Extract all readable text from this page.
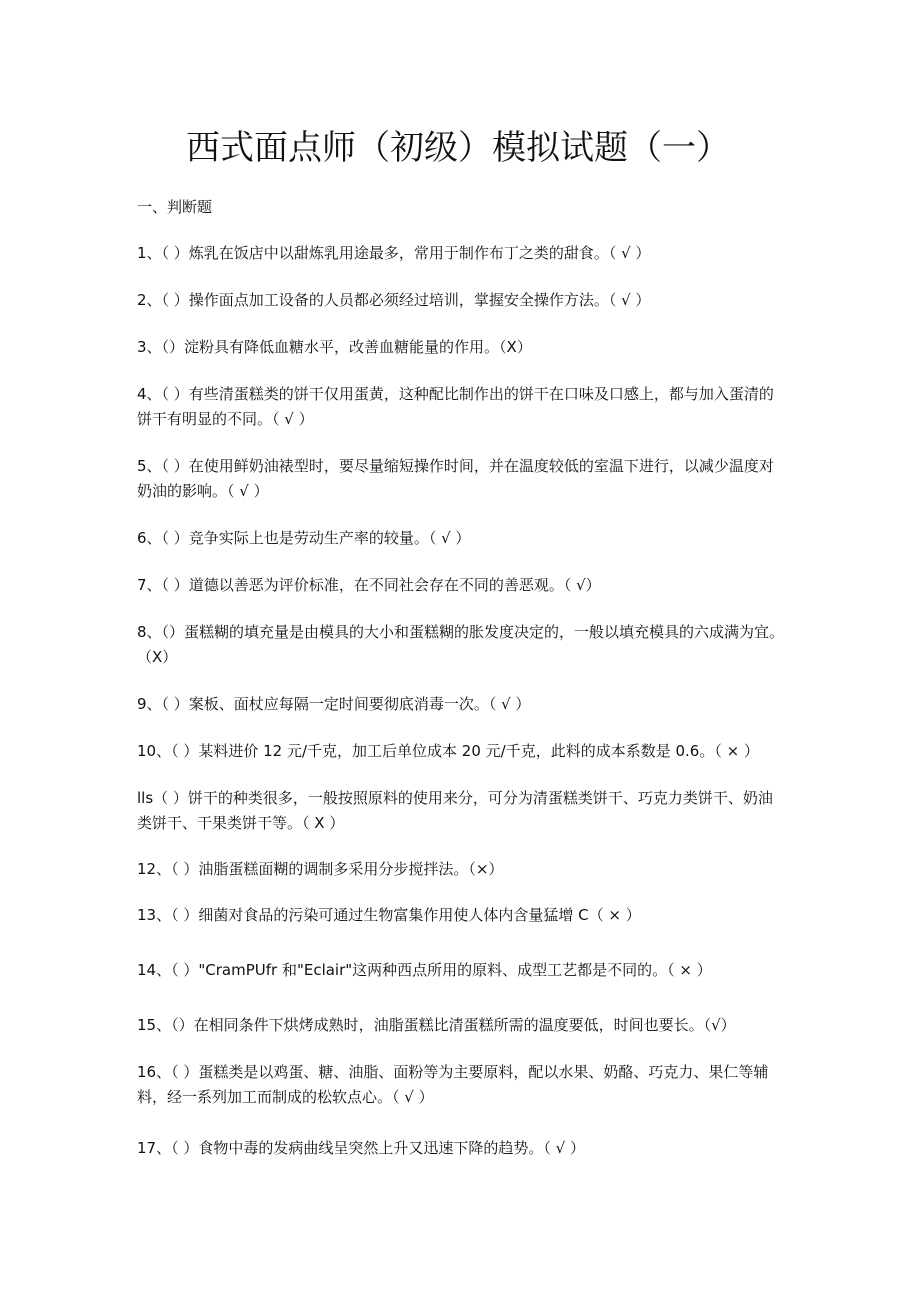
西式面点师（初级）模拟试题（一）

一、判断题

1、（ ）炼乳在饭店中以甜炼乳用途最多，常用于制作布丁之类的甜食。（ √ ）

2、（ ）操作面点加工设备的人员都必须经过培训，掌握安全操作方法。（ √ ）

3、（）淀粉具有降低血糖水平，改善血糖能量的作用。（X）

4、（ ）有些清蛋糕类的饼干仅用蛋黄，这种配比制作出的饼干在口味及口感上，都与加入蛋清的饼干有明显的不同。（ √ ）

5、（ ）在使用鲜奶油裱型时，要尽量缩短操作时间，并在温度较低的室温下进行，以减少温度对奶油的影响。（ √ ）

6、（ ）竞争实际上也是劳动生产率的较量。（ √ ）

7、（ ）道德以善恶为评价标准，在不同社会存在不同的善恶观。（ √）

8、（）蛋糕糊的填充量是由模具的大小和蛋糕糊的胀发度决定的，一般以填充模具的六成满为宜。（X）

9、（ ）案板、面杖应每隔一定时间要彻底消毒一次。（ √ ）

10、（ ）某料进价 12 元/千克，加工后单位成本 20 元/千克，此料的成本系数是 0.6。（ × ）

lls（ ）饼干的种类很多，一般按照原料的使用来分，可分为清蛋糕类饼干、巧克力类饼干、奶油类饼干、干果类饼干等。（ X ）

12、（ ）油脂蛋糕面糊的调制多采用分步搅拌法。（×）

13、（ ）细菌对食品的污染可通过生物富集作用使人体内含量猛增 C（ × ）

14、（ ）"CramPUfr 和"Eclair"这两种西点所用的原料、成型工艺都是不同的。（ × ）

15、（）在相同条件下烘烤成熟时，油脂蛋糕比清蛋糕所需的温度要低，时间也要长。（√）

16、（ ）蛋糕类是以鸡蛋、糖、油脂、面粉等为主要原料，配以水果、奶酪、巧克力、果仁等辅料，经一系列加工而制成的松软点心。（ √ ）

17、（ ）食物中毒的发病曲线呈突然上升又迅速下降的趋势。（ √ ）
